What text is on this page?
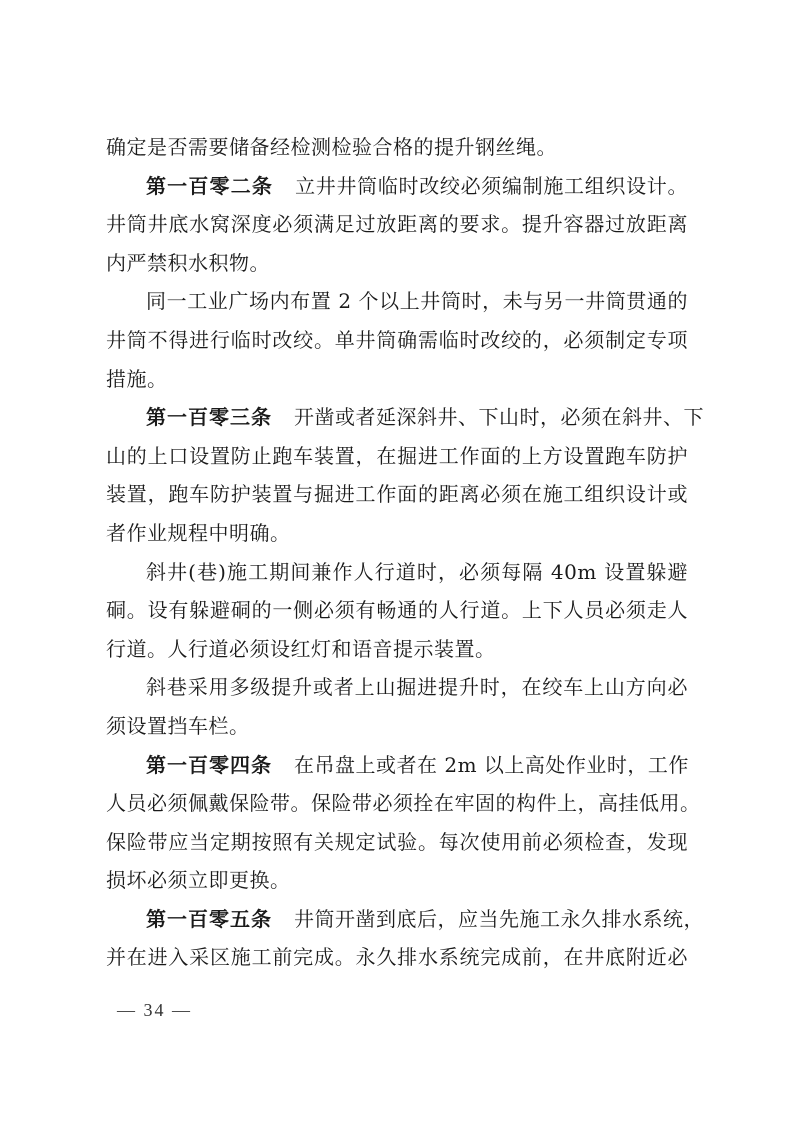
确定是否需要储备经检测检验合格的提升钢丝绳。
第一百零二条 立井井筒临时改绞必须编制施工组织设计。
井筒井底水窝深度必须满足过放距离的要求。提升容器过放距离
内严禁积水积物。
同一工业广场内布置 2 个以上井筒时，未与另一井筒贯通的
井筒不得进行临时改绞。单井筒确需临时改绞的，必须制定专项
措施。
第一百零三条 开凿或者延深斜井、下山时，必须在斜井、下
山的上口设置防止跑车装置，在掘进工作面的上方设置跑车防护
装置，跑车防护装置与掘进工作面的距离必须在施工组织设计或
者作业规程中明确。
斜井(巷)施工期间兼作人行道时，必须每隔 40m 设置躲避
硐。设有躲避硐的一侧必须有畅通的人行道。上下人员必须走人
行道。人行道必须设红灯和语音提示装置。
斜巷采用多级提升或者上山掘进提升时，在绞车上山方向必
须设置挡车栏。
第一百零四条 在吊盘上或者在 2m 以上高处作业时，工作
人员必须佩戴保险带。保险带必须拴在牢固的构件上，高挂低用。
保险带应当定期按照有关规定试验。每次使用前必须检查，发现
损坏必须立即更换。
第一百零五条 井筒开凿到底后，应当先施工永久排水系统，
并在进入采区施工前完成。永久排水系统完成前，在井底附近必
— 34 —
